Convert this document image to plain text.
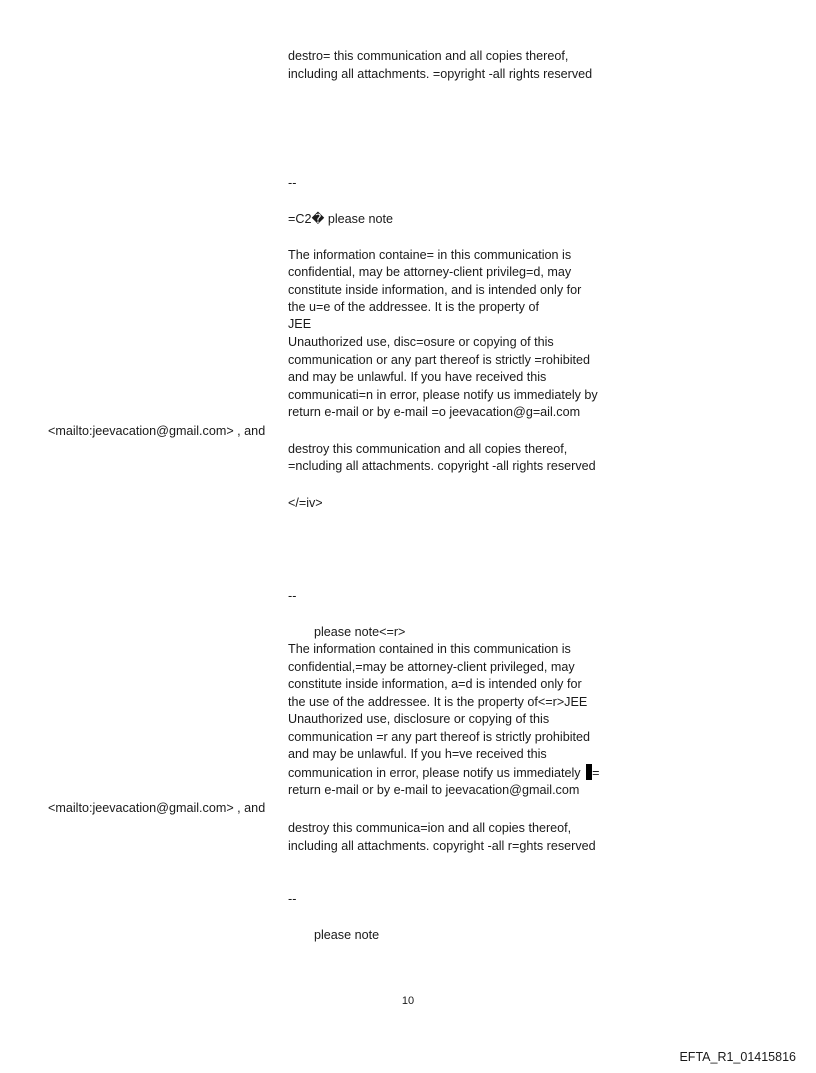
destro= this communication and all copies thereof,
including all attachments. =opyright -all rights reserved
--
=C2� please note
The information containe= in this communication is
confidential, may be attorney-client privileg=d, may
constitute inside information, and is intended only for
the u=e of the addressee. It is the property of
JEE
Unauthorized use, disc=osure or copying of this
communication or any part thereof is strictly =rohibited
and may be unlawful. If you have received this
communicati=n in error, please notify us immediately by
return e-mail or by e-mail =o jeevacation@g=ail.com
<mailto:jeevacation@gmail.com> , and
destroy this communication and all copies thereof,
=ncluding all attachments. copyright -all rights reserved
</=iv>
--
please note<=r>
The information contained in this communication is
confidential,=may be attorney-client privileged, may
constitute inside information, a=d is intended only for
the use of the addressee. It is the property of<=r>JEE
Unauthorized use, disclosure or copying of this
communication =r any part thereof is strictly prohibited
and may be unlawful. If you h=ve received this
communication in error, please notify us immediately =
return e-mail or by e-mail to jeevacation@gmail.com
<mailto:jeevacation@gmail.com> , and
destroy this communica=ion and all copies thereof,
including all attachments. copyright -all r=ghts reserved
--
please note
10
EFTA_R1_01415816
